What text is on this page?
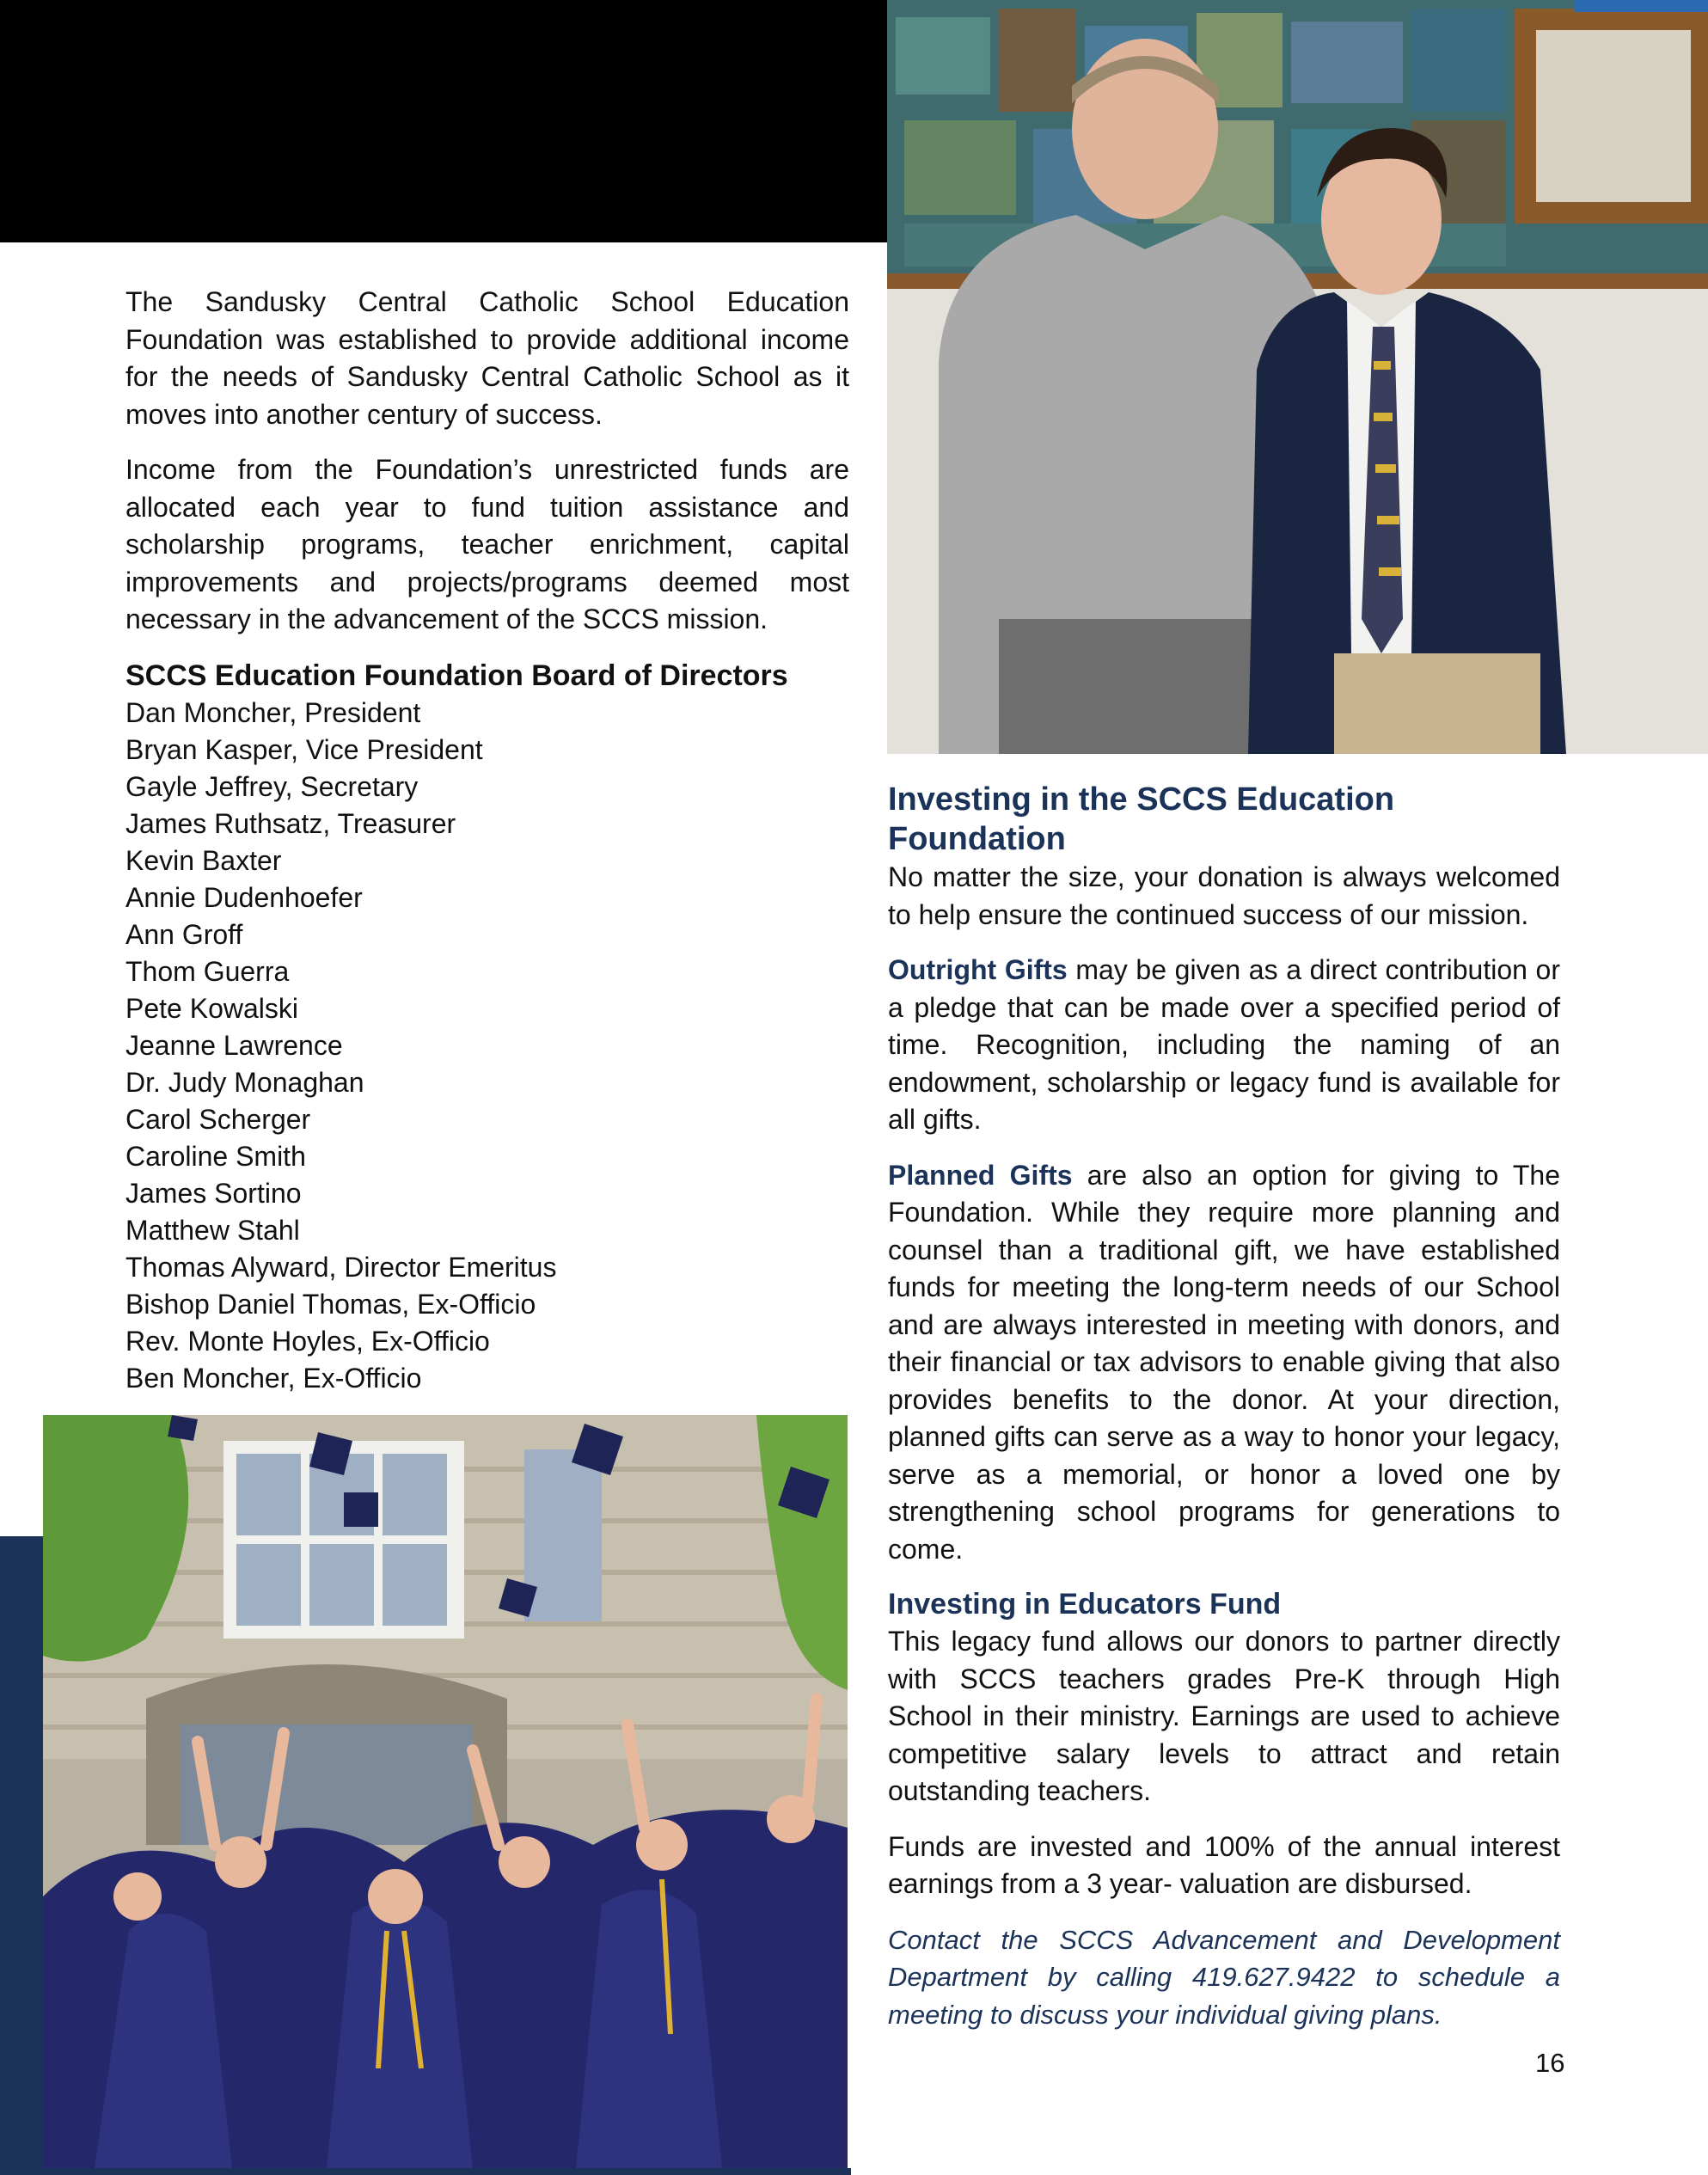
The Sandusky Central Catholic School Education Foundation was established to provide additional income for the needs of Sandusky Central Catholic School as it moves into another century of success.

Income from the Foundation’s unrestricted funds are allocated each year to fund tuition assistance and scholarship programs, teacher enrichment, capital improvements and projects/programs deemed most necessary in the advancement of the SCCS mission.

SCCS Education Foundation Board of Directors
Dan Moncher, President
Bryan Kasper, Vice President
Gayle Jeffrey, Secretary
James Ruthsatz, Treasurer
Kevin Baxter
Annie Dudenhoefer
Ann Groff
Thom Guerra
Pete Kowalski
Jeanne Lawrence
Dr. Judy Monaghan
Carol Scherger
Caroline Smith
James Sortino
Matthew Stahl
Thomas Alyward, Director Emeritus
Bishop Daniel Thomas, Ex-Officio
Rev. Monte Hoyles, Ex-Officio
Ben Moncher, Ex-Officio
Investing in the SCCS Education Foundation

No matter the size, your donation is always welcomed to help ensure the continued success of our mission.

Outright Gifts may be given as a direct contribution or a pledge that can be made over a specified period of time. Recognition, including the naming of an endowment, scholarship or legacy fund is available for all gifts.

Planned Gifts are also an option for giving to The Foundation. While they require more planning and counsel than a traditional gift, we have established funds for meeting the long-term needs of our School and are always interested in meeting with donors, and their financial or tax advisors to enable giving that also provides benefits to the donor. At your direction, planned gifts can serve as a way to honor your legacy, serve as a memorial, or honor a loved one by strengthening school programs for generations to come.

Investing in Educators Fund

This legacy fund allows our donors to partner directly with SCCS teachers grades Pre-K through High School in their ministry. Earnings are used to achieve competitive salary levels to attract and retain outstanding teachers.

Funds are invested and 100% of the annual interest earnings from a 3 year- valuation are disbursed.

Contact the SCCS Advancement and Development Department by calling 419.627.9422 to schedule a meeting to discuss your individual giving plans.

16
